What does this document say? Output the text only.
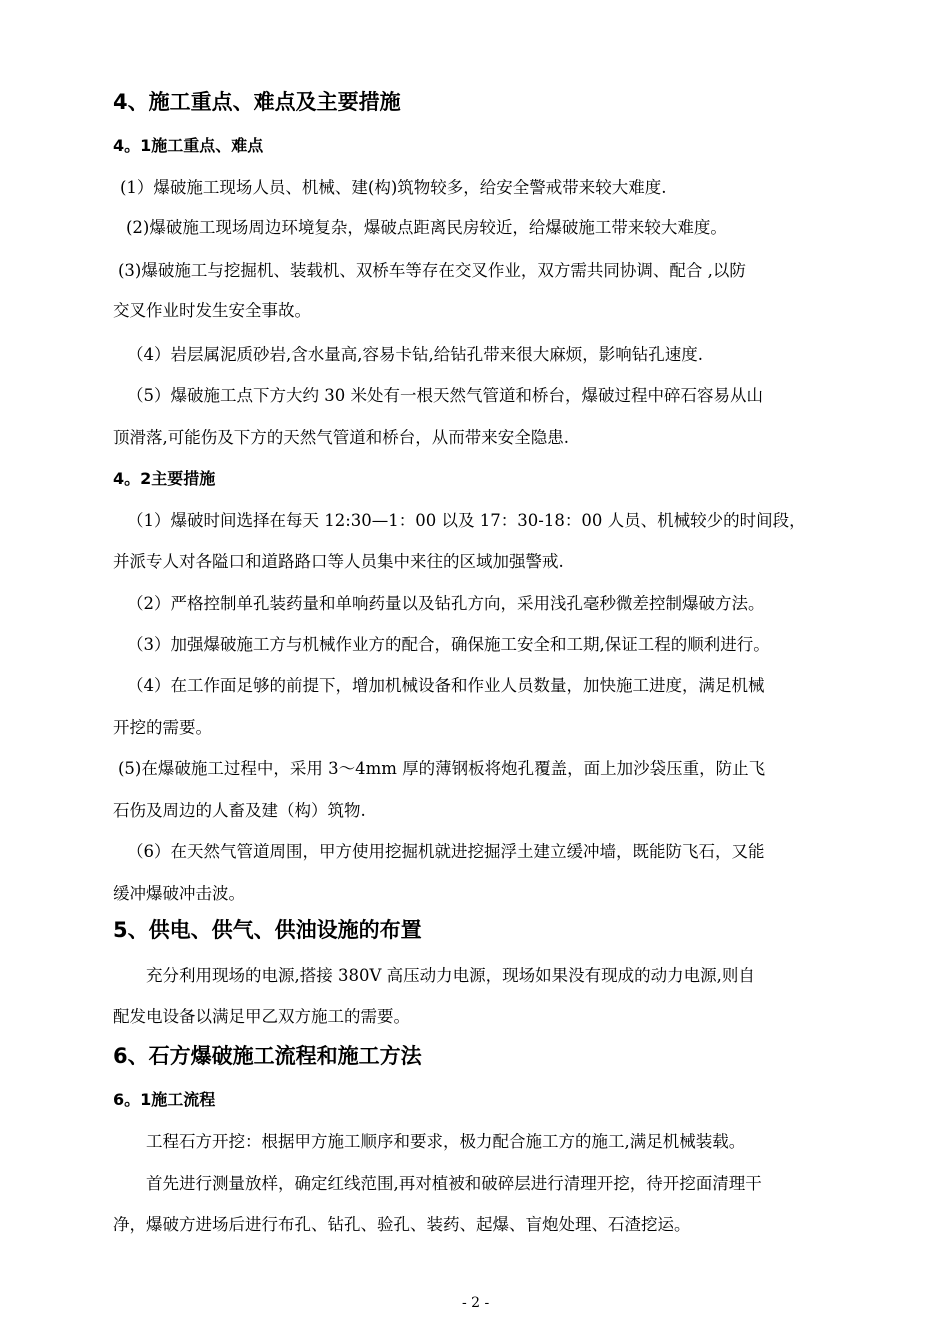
4、施工重点、难点及主要措施
4。1施工重点、难点
(1）爆破施工现场人员、机械、建(构)筑物较多，给安全警戒带来较大难度.
(2)爆破施工现场周边环境复杂，爆破点距离民房较近，给爆破施工带来较大难度。
(3)爆破施工与挖掘机、装载机、双桥车等存在交叉作业，双方需共同协调、配合 ,以防
交叉作业时发生安全事故。
（4）岩层属泥质砂岩,含水量高,容易卡钻,给钻孔带来很大麻烦，影响钻孔速度.
（5）爆破施工点下方大约 30 米处有一根天然气管道和桥台，爆破过程中碎石容易从山
顶滑落,可能伤及下方的天然气管道和桥台，从而带来安全隐患.
4。2主要措施
（1）爆破时间选择在每天 12:30—1：00 以及 17：30-18：00 人员、机械较少的时间段，
并派专人对各隘口和道路路口等人员集中来往的区域加强警戒.
（2）严格控制单孔装药量和单响药量以及钻孔方向，采用浅孔毫秒微差控制爆破方法。
（3）加强爆破施工方与机械作业方的配合，确保施工安全和工期,保证工程的顺利进行。
（4）在工作面足够的前提下，增加机械设备和作业人员数量，加快施工进度，满足机械
开挖的需要。
(5)在爆破施工过程中，采用 3～4mm 厚的薄钢板将炮孔覆盖，面上加沙袋压重，防止飞
石伤及周边的人畜及建（构）筑物.
（6）在天然气管道周围，甲方使用挖掘机就进挖掘浮土建立缓冲墙，既能防飞石，又能
缓冲爆破冲击波。
5、供电、供气、供油设施的布置
充分利用现场的电源,搭接 380V 高压动力电源，现场如果没有现成的动力电源,则自
配发电设备以满足甲乙双方施工的需要。
6、石方爆破施工流程和施工方法
6。1施工流程
工程石方开挖：根据甲方施工顺序和要求，极力配合施工方的施工,满足机械装载。
首先进行测量放样，确定红线范围,再对植被和破碎层进行清理开挖，待开挖面清理干
净，爆破方进场后进行布孔、钻孔、验孔、装药、起爆、盲炮处理、石渣挖运。
- 2 -
